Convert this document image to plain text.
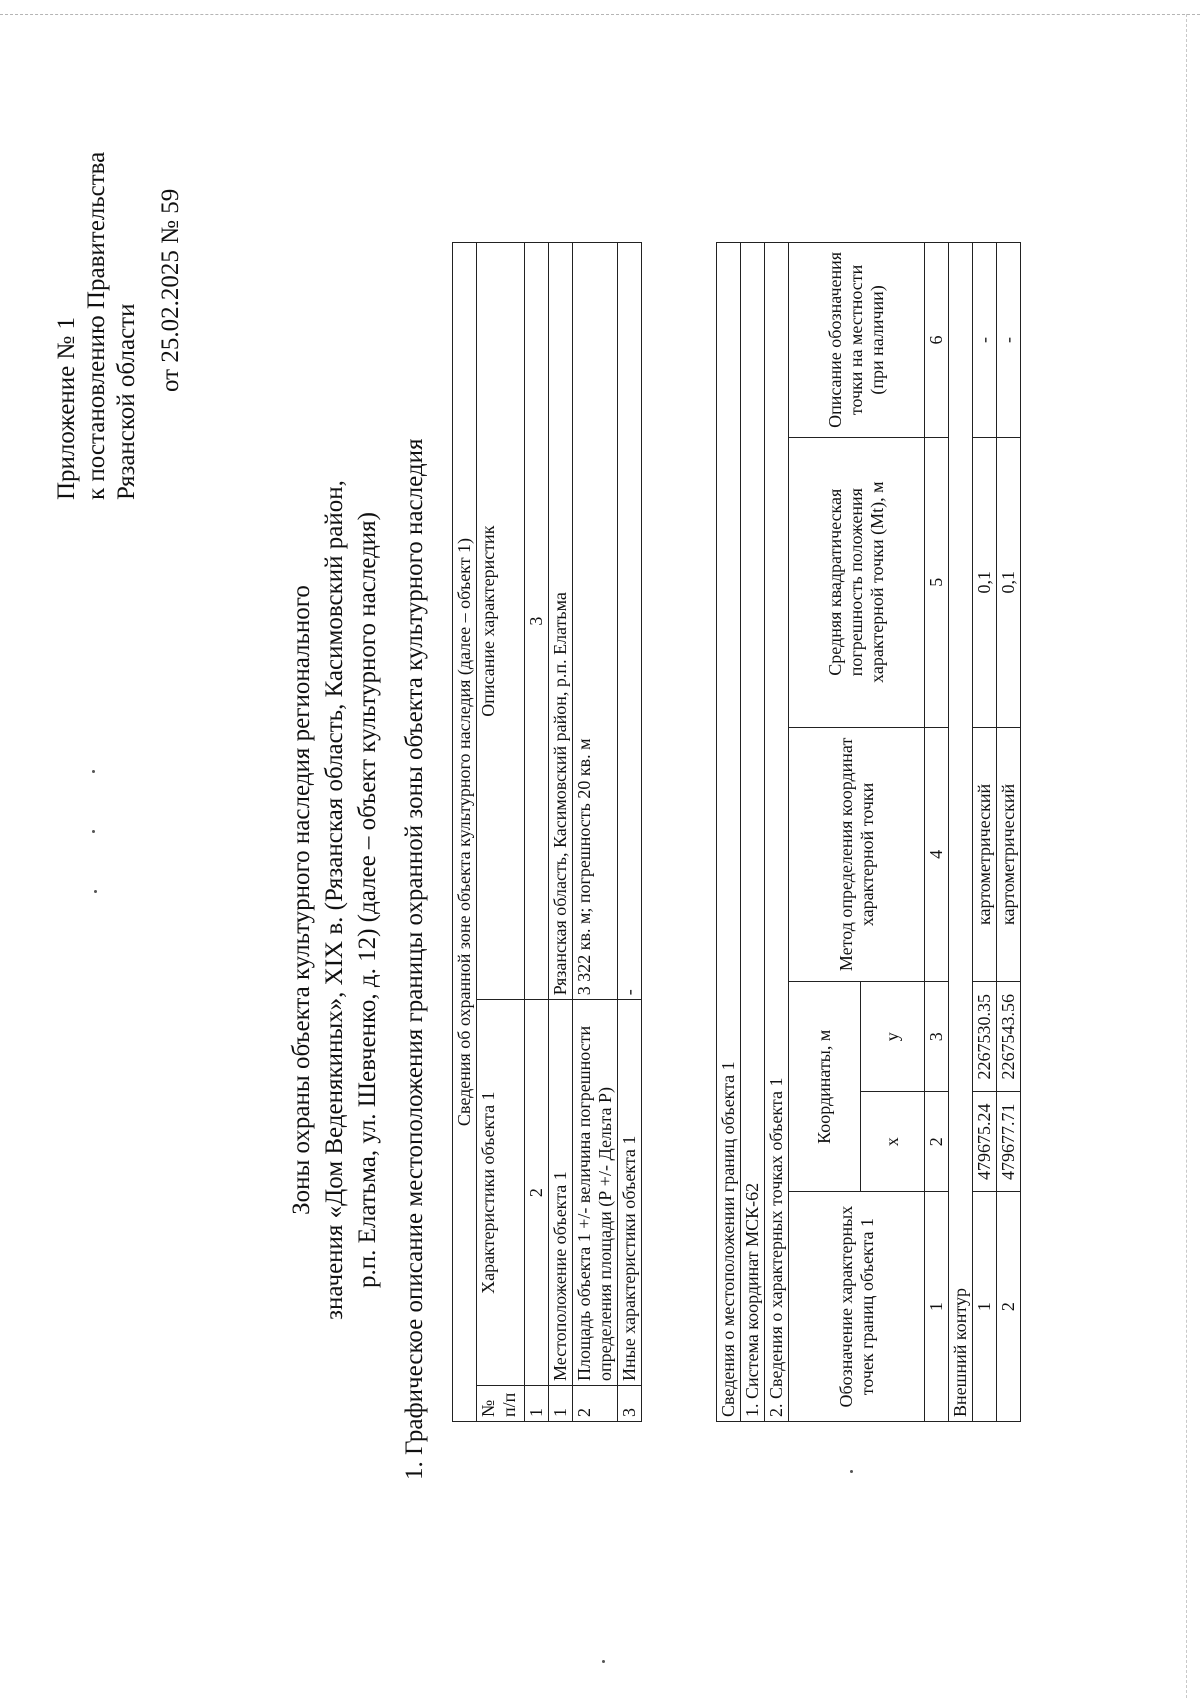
Приложение № 1 к постановлению Правительства Рязанской области
от 25.02.2025 № 59
Зоны охраны объекта культурного наследия регионального значения «Дом Веденякиных», XIX в. (Рязанская область, Касимовский район, р.п. Елатьма, ул. Шевченко, д. 12) (далее – объект культурного наследия) 1. Графическое описание местоположения границы охранной зоны объекта культурного наследия Сведения об охранной зоне объекта культурного наследия (далее – объект 1)		
№ п/п	Характеристики объекта 1	Описание характеристик
1	2	3
1	Местоположение объекта 1	Рязанская область, Касимовский район, р.п. Елатьма
2	Площадь объекта 1 +/- величина погрешности определения площади (Р +/- Дельта Р)	3 322 кв. м; погрешность 20 кв. м
3	Иные характеристики объекта 1	-
Сведения о местоположении границ объекта 1					
1. Система координат МСК-62					
2. Сведения о характерных точках объекта 1					
Обозначение характерных точек границ объекта 1	Координаты, м		Метод определения координат характерной точки	Средняя квадратическая погрешность положения характерной точки (Mt), м	Описание обозначения точки на местности (при наличии)
	х	у			
1	2	3	4	5	6
Внешний контур					
1	479675.24	2267530.35	картометрический	0,1	-
2	479677.71	2267543.56	картометрический	0,1	-
